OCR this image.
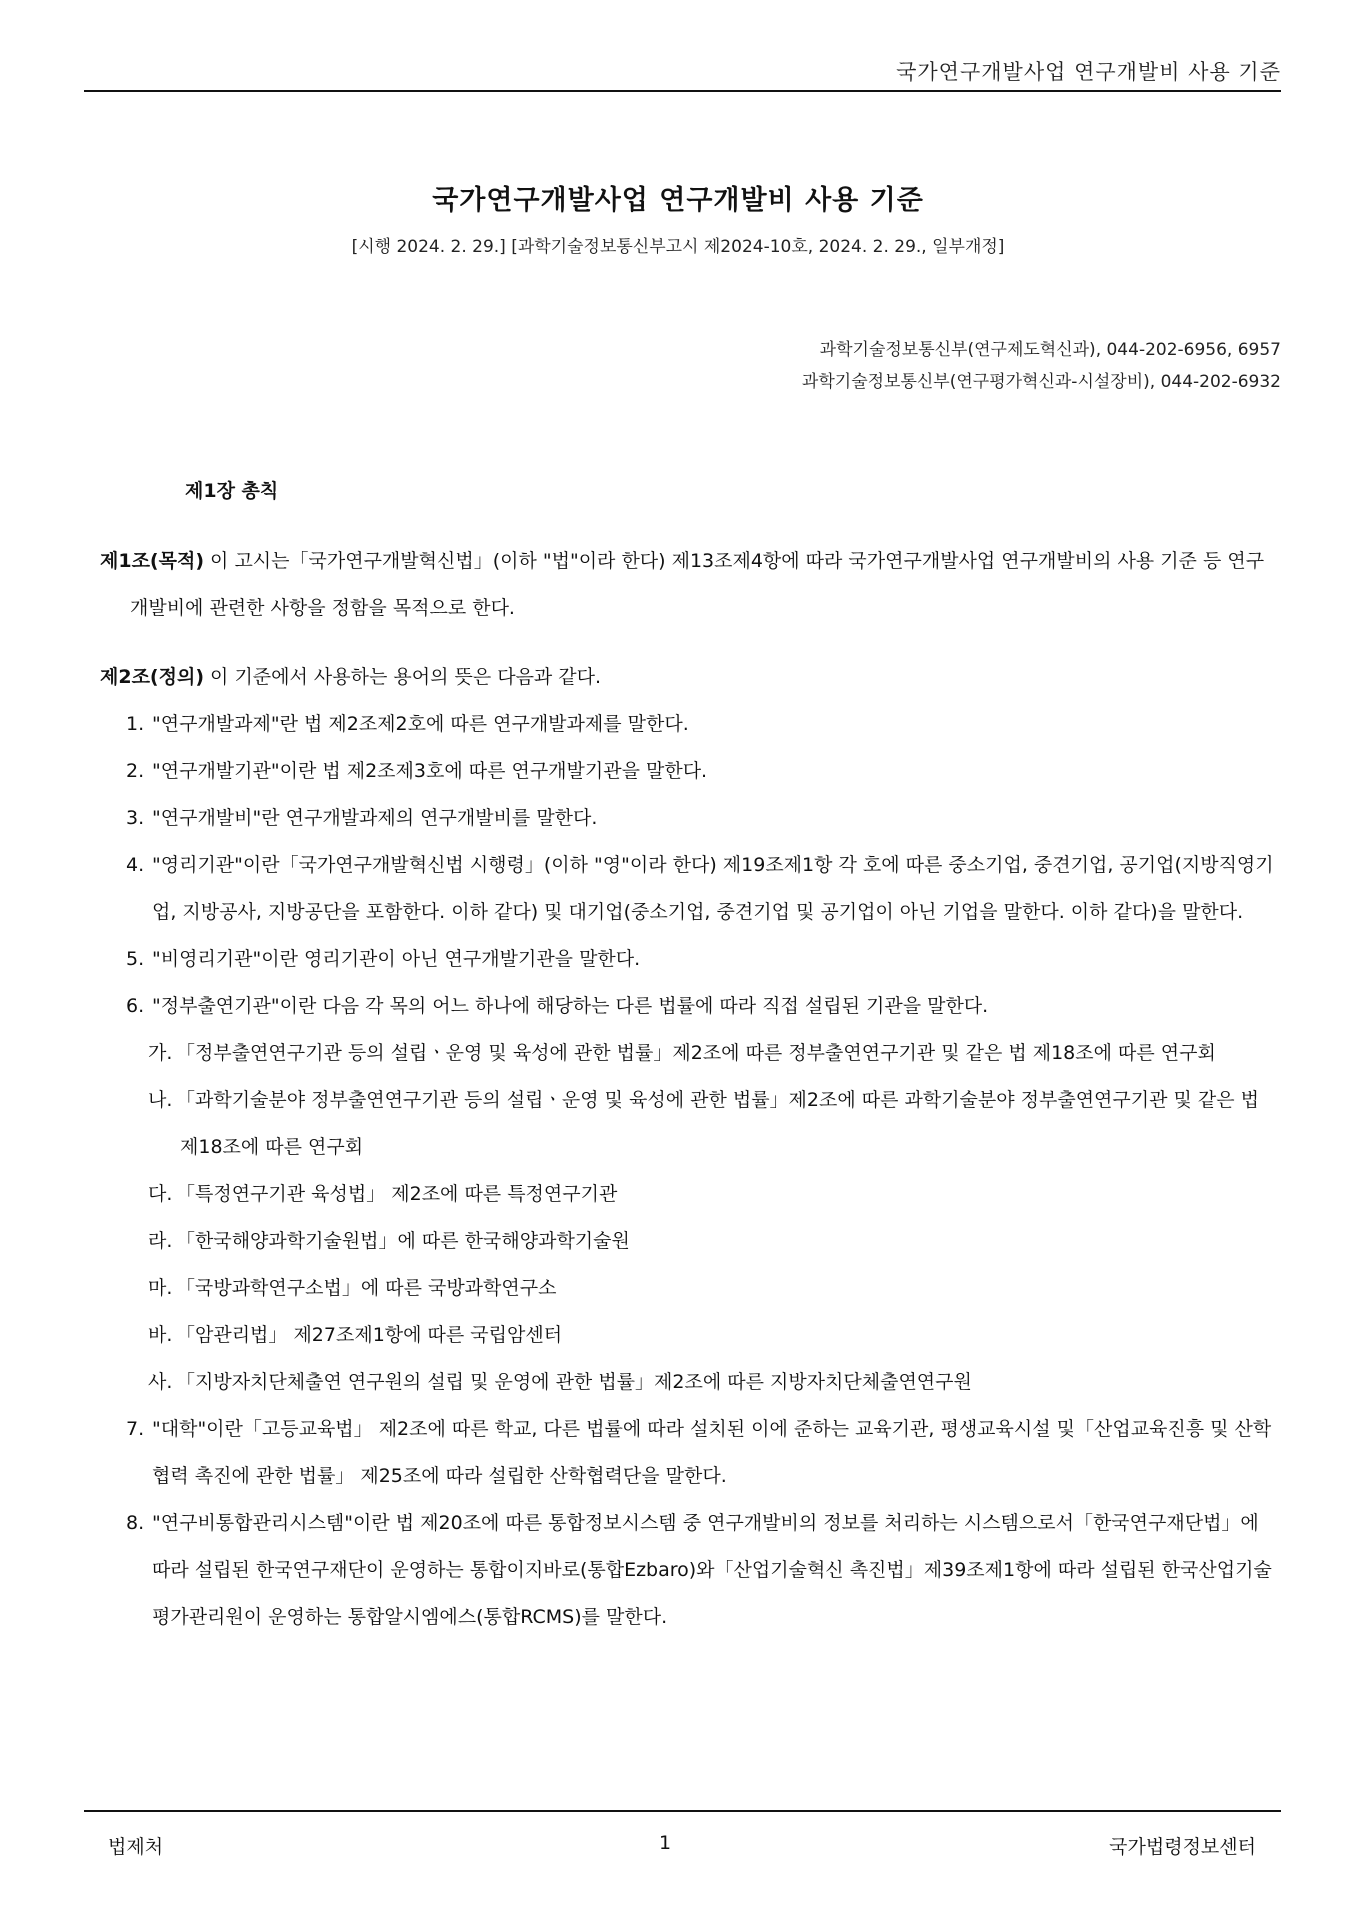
국가연구개발사업 연구개발비 사용 기준
국가연구개발사업 연구개발비 사용 기준
[시행 2024. 2. 29.] [과학기술정보통신부고시 제2024-10호, 2024. 2. 29., 일부개정]
과학기술정보통신부(연구제도혁신과), 044-202-6956, 6957
과학기술정보통신부(연구평가혁신과-시설장비), 044-202-6932
제1장 총칙

제1조(목적) 이 고시는「국가연구개발혁신법」(이하 "법"이라 한다) 제13조제4항에 따라 국가연구개발사업 연구개발비의 사용 기준 등 연구개발비에 관련한 사항을 정함을 목적으로 한다.

제2조(정의) 이 기준에서 사용하는 용어의 뜻은 다음과 같다.

1. "연구개발과제"란 법 제2조제2호에 따른 연구개발과제를 말한다.

2. "연구개발기관"이란 법 제2조제3호에 따른 연구개발기관을 말한다.

3. "연구개발비"란 연구개발과제의 연구개발비를 말한다.

4. "영리기관"이란「국가연구개발혁신법 시행령」(이하 "영"이라 한다) 제19조제1항 각 호에 따른 중소기업, 중견기업, 공기업(지방직영기업, 지방공사, 지방공단을 포함한다. 이하 같다) 및 대기업(중소기업, 중견기업 및 공기업이 아닌 기업을 말한다. 이하 같다)을 말한다.

5. "비영리기관"이란 영리기관이 아닌 연구개발기관을 말한다.

6. "정부출연기관"이란 다음 각 목의 어느 하나에 해당하는 다른 법률에 따라 직접 설립된 기관을 말한다.

가. 「정부출연연구기관 등의 설립ㆍ운영 및 육성에 관한 법률」제2조에 따른 정부출연연구기관 및 같은 법 제18조에 따른 연구회

나. 「과학기술분야 정부출연연구기관 등의 설립ㆍ운영 및 육성에 관한 법률」제2조에 따른 과학기술분야 정부출연연구기관 및 같은 법 제18조에 따른 연구회

다. 「특정연구기관 육성법」 제2조에 따른 특정연구기관

라. 「한국해양과학기술원법」에 따른 한국해양과학기술원

마. 「국방과학연구소법」에 따른 국방과학연구소

바. 「암관리법」 제27조제1항에 따른 국립암센터

사. 「지방자치단체출연 연구원의 설립 및 운영에 관한 법률」제2조에 따른 지방자치단체출연연구원

7. "대학"이란「고등교육법」 제2조에 따른 학교, 다른 법률에 따라 설치된 이에 준하는 교육기관, 평생교육시설 및「산업교육진흥 및 산학협력 촉진에 관한 법률」 제25조에 따라 설립한 산학협력단을 말한다.

8. "연구비통합관리시스템"이란 법 제20조에 따른 통합정보시스템 중 연구개발비의 정보를 처리하는 시스템으로서「한국연구재단법」에 따라 설립된 한국연구재단이 운영하는 통합이지바로(통합Ezbaro)와「산업기술혁신 촉진법」제39조제1항에 따라 설립된 한국산업기술평가관리원이 운영하는 통합알시엠에스(통합RCMS)를 말한다.

법제처	1	국가법령정보센터
